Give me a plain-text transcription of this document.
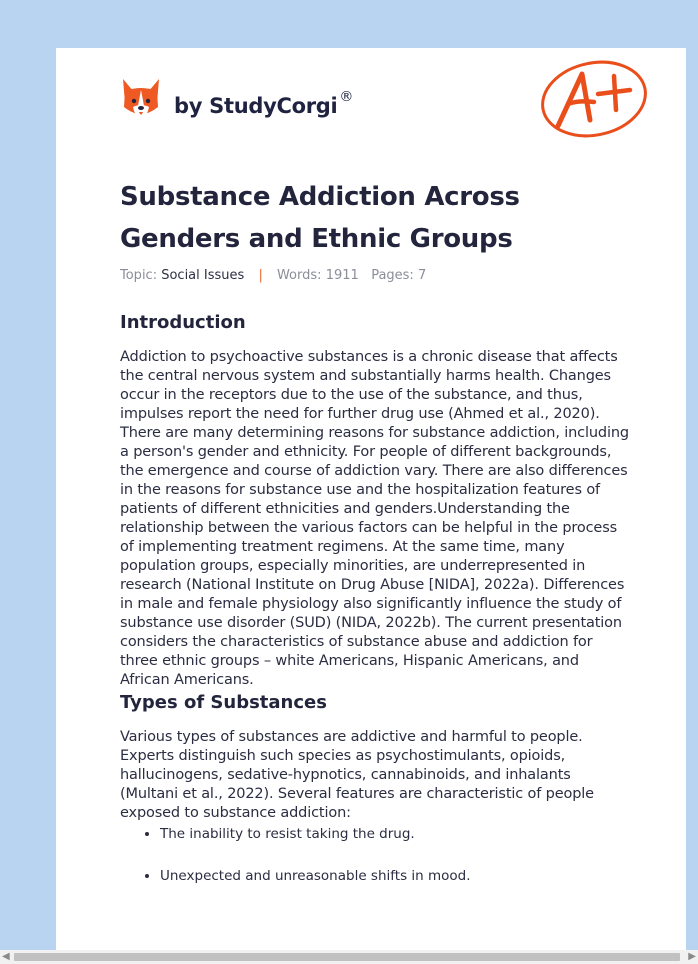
by StudyCorgi ®
Substance Addiction Across Genders and Ethnic Groups
Topic: Social Issues | Words: 1911 Pages: 7
Introduction

Addiction to psychoactive substances is a chronic disease that affects the central nervous system and substantially harms health. Changes occur in the receptors due to the use of the substance, and thus, impulses report the need for further drug use (Ahmed et al., 2020). There are many determining reasons for substance addiction, including a person's gender and ethnicity. For people of different backgrounds, the emergence and course of addiction vary. There are also differences in the reasons for substance use and the hospitalization features of patients of different ethnicities and genders.Understanding the relationship between the various factors can be helpful in the process of implementing treatment regimens. At the same time, many population groups, especially minorities, are underrepresented in research (National Institute on Drug Abuse [NIDA], 2022a). Differences in male and female physiology also significantly influence the study of substance use disorder (SUD) (NIDA, 2022b). The current presentation considers the characteristics of substance abuse and addiction for three ethnic groups – white Americans, Hispanic Americans, and African Americans.

Types of Substances

Various types of substances are addictive and harmful to people. Experts distinguish such species as psychostimulants, opioids, hallucinogens, sedative-hypnotics, cannabinoids, and inhalants (Multani et al., 2022). Several features are characteristic of people exposed to substance addiction:

• The inability to resist taking the drug.
• Unexpected and unreasonable shifts in mood.
◀	▶
